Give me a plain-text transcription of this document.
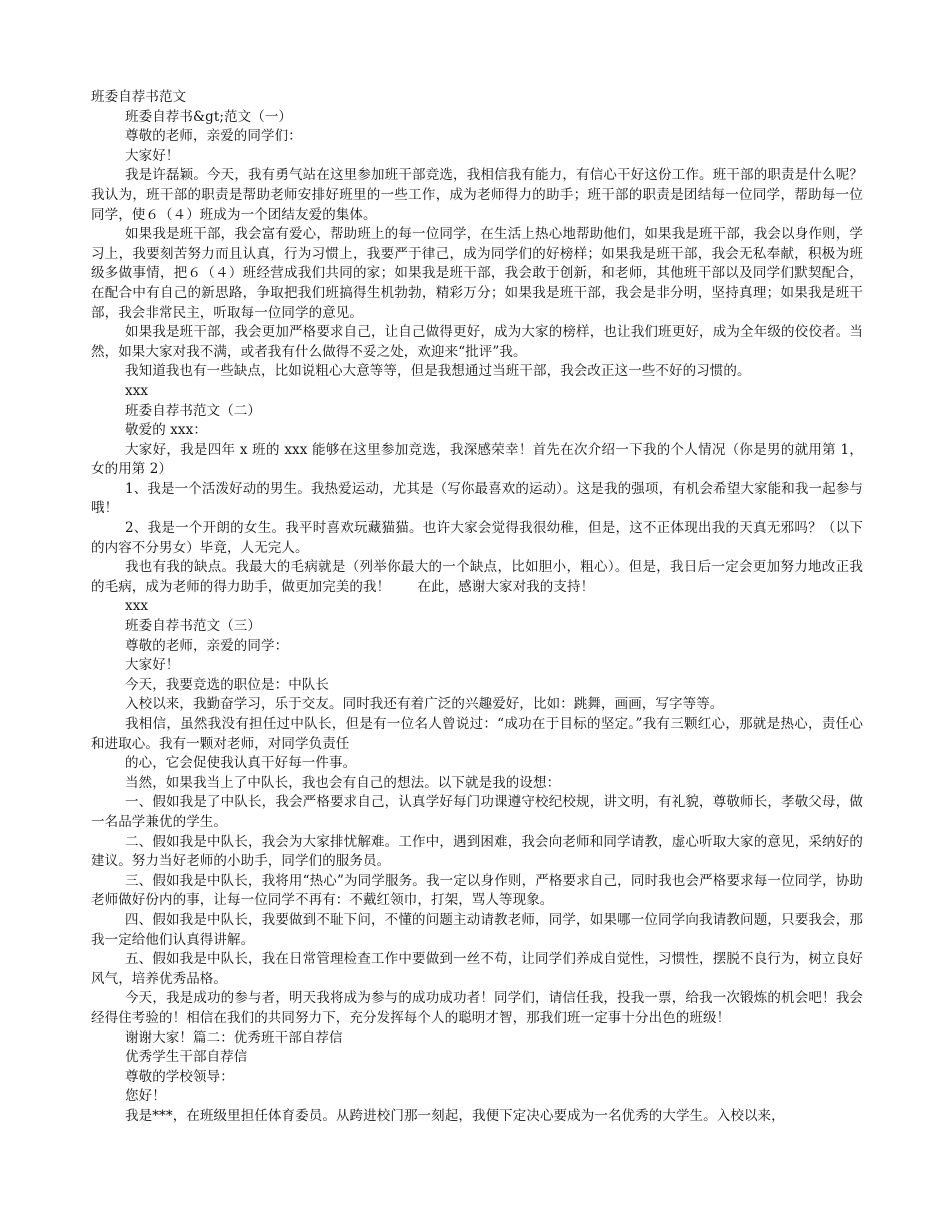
班委自荐书范文
班委自荐书&gt;范文（一）
尊敬的老师，亲爱的同学们：
大家好！
我是许磊颖。今天，我有勇气站在这里参加班干部竞选，我相信我有能力，有信心干好这份工作。班干部的职责是什么呢？我认为，班干部的职责是帮助老师安排好班里的一些工作，成为老师得力的助手；班干部的职责是团结每一位同学，帮助每一位同学，使６（４）班成为一个团结友爱的集体。
如果我是班干部，我会富有爱心，帮助班上的每一位同学，在生活上热心地帮助他们，如果我是班干部，我会以身作则，学习上，我要刻苦努力而且认真，行为习惯上，我要严于律己，成为同学们的好榜样；如果我是班干部，我会无私奉献，积极为班级多做事情，把６（４）班经营成我们共同的家；如果我是班干部，我会敢于创新，和老师，其他班干部以及同学们默契配合，在配合中有自己的新思路，争取把我们班搞得生机勃勃，精彩万分；如果我是班干部，我会是非分明，坚持真理；如果我是班干部，我会非常民主，听取每一位同学的意见。
如果我是班干部，我会更加严格要求自己，让自己做得更好，成为大家的榜样，也让我们班更好，成为全年级的佼佼者。当然，如果大家对我不满，或者我有什么做得不妥之处，欢迎来“批评”我。
我知道我也有一些缺点，比如说粗心大意等等，但是我想通过当班干部，我会改正这一些不好的习惯的。
xxx
班委自荐书范文（二）
敬爱的 xxx：
大家好，我是四年 x 班的 xxx 能够在这里参加竞选，我深感荣幸！首先在次介绍一下我的个人情况（你是男的就用第 1，女的用第 2）
1、我是一个活泼好动的男生。我热爱运动，尤其是（写你最喜欢的运动）。这是我的强项，有机会希望大家能和我一起参与哦！
2、我是一个开朗的女生。我平时喜欢玩藏猫猫。也许大家会觉得我很幼稚，但是，这不正体现出我的天真无邪吗？（以下的内容不分男女）毕竟，人无完人。
我也有我的缺点。我最大的毛病就是（列举你最大的一个缺点，比如胆小，粗心）。但是，我日后一定会更加努力地改正我的毛病，成为老师的得力助手，做更加完美的我！　　在此，感谢大家对我的支持！
xxx
班委自荐书范文（三）
尊敬的老师，亲爱的同学：
大家好！
今天，我要竞选的职位是：中队长
入校以来，我勤奋学习，乐于交友。同时我还有着广泛的兴趣爱好，比如：跳舞，画画，写字等等。
我相信，虽然我没有担任过中队长，但是有一位名人曾说过：“成功在于目标的坚定。”我有三颗红心，那就是热心，责任心和进取心。我有一颗对老师，对同学负责任
的心，它会促使我认真干好每一件事。
当然，如果我当上了中队长，我也会有自己的想法。以下就是我的设想：
一、假如我是了中队长，我会严格要求自己，认真学好每门功课遵守校纪校规，讲文明，有礼貌，尊敬师长，孝敬父母，做一名品学兼优的学生。
二、假如我是中队长，我会为大家排忧解难。工作中，遇到困难，我会向老师和同学请教，虚心听取大家的意见，采纳好的建议。努力当好老师的小助手，同学们的服务员。
三、假如我是中队长，我将用“热心”为同学服务。我一定以身作则，严格要求自己，同时我也会严格要求每一位同学，协助老师做好份内的事，让每一位同学不再有：不戴红领巾，打架，骂人等现象。
四、假如我是中队长，我要做到不耻下问，不懂的问题主动请教老师，同学，如果哪一位同学向我请教问题，只要我会，那我一定给他们认真得讲解。
五、假如我是中队长，我在日常管理检查工作中要做到一丝不苟，让同学们养成自觉性，习惯性，摆脱不良行为，树立良好风气，培养优秀品格。
今天，我是成功的参与者，明天我将成为参与的成功成功者！同学们，请信任我，投我一票，给我一次锻炼的机会吧！我会经得住考验的！相信在我们的共同努力下，充分发挥每个人的聪明才智，那我们班一定事十分出色的班级！
谢谢大家！篇二：优秀班干部自荐信
优秀学生干部自荐信
尊敬的学校领导：
您好！
我是***，在班级里担任体育委员。从跨进校门那一刻起，我便下定决心要成为一名优秀的大学生。入校以来，
